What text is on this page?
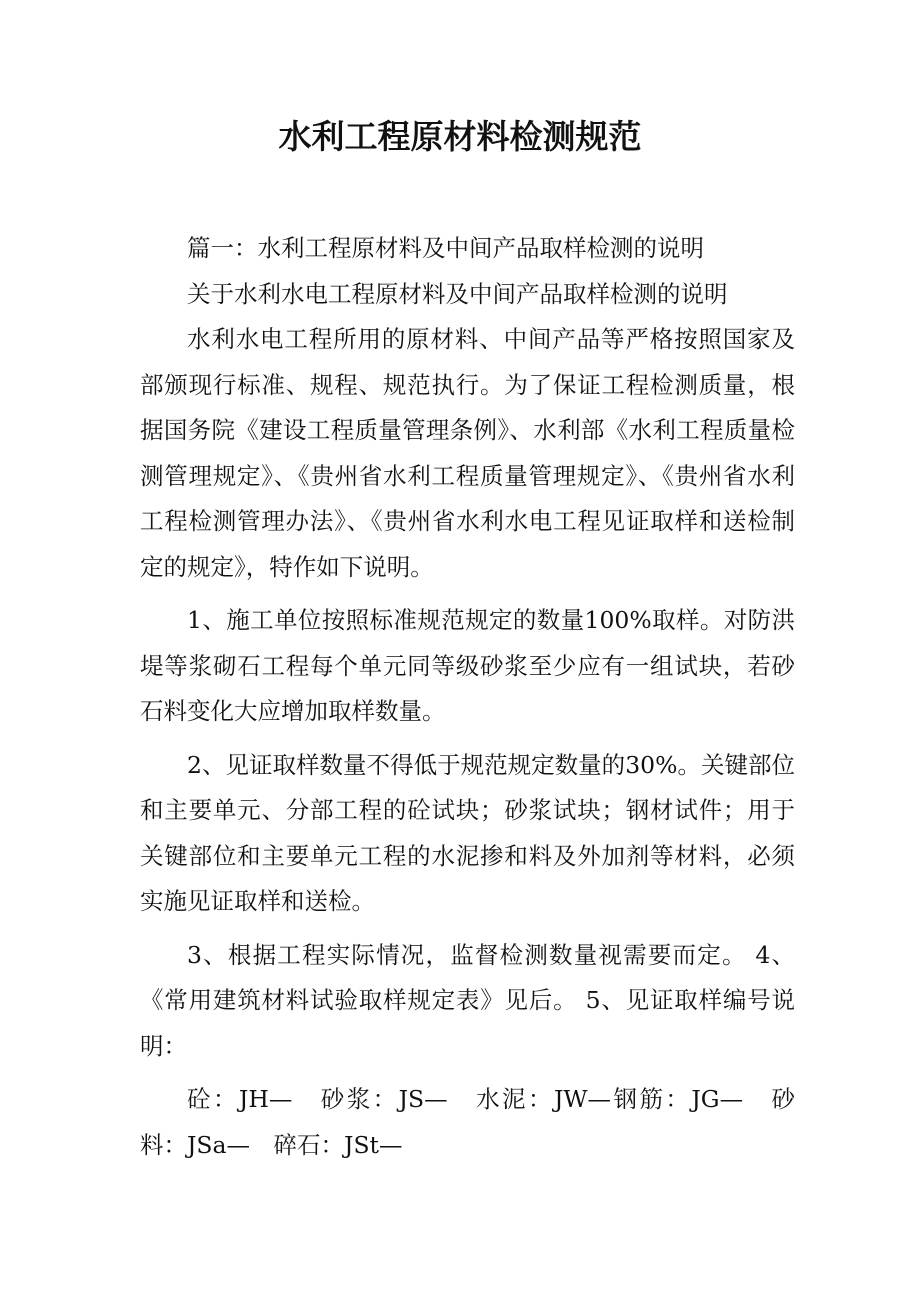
水利工程原材料检测规范

篇一：水利工程原材料及中间产品取样检测的说明

关于水利水电工程原材料及中间产品取样检测的说明

水利水电工程所用的原材料、中间产品等严格按照国家及部颁现行标准、规程、规范执行。为了保证工程检测质量，根据国务院《建设工程质量管理条例》、水利部《水利工程质量检测管理规定》、《贵州省水利工程质量管理规定》、《贵州省水利工程检测管理办法》、《贵州省水利水电工程见证取样和送检制定的规定》，特作如下说明。

1、施工单位按照标准规范规定的数量100%取样。对防洪堤等浆砌石工程每个单元同等级砂浆至少应有一组试块，若砂石料变化大应增加取样数量。

2、见证取样数量不得低于规范规定数量的30%。关键部位和主要单元、分部工程的砼试块；砂浆试块；钢材试件；用于关键部位和主要单元工程的水泥掺和料及外加剂等材料，必须实施见证取样和送检。

3、根据工程实际情况，监督检测数量视需要而定。 4、《常用建筑材料试验取样规定表》见后。 5、见证取样编号说明：

砼：JH—　砂浆：JS—　水泥：JW—钢筋：JG—　砂料：JSa—　碎石：JSt—
